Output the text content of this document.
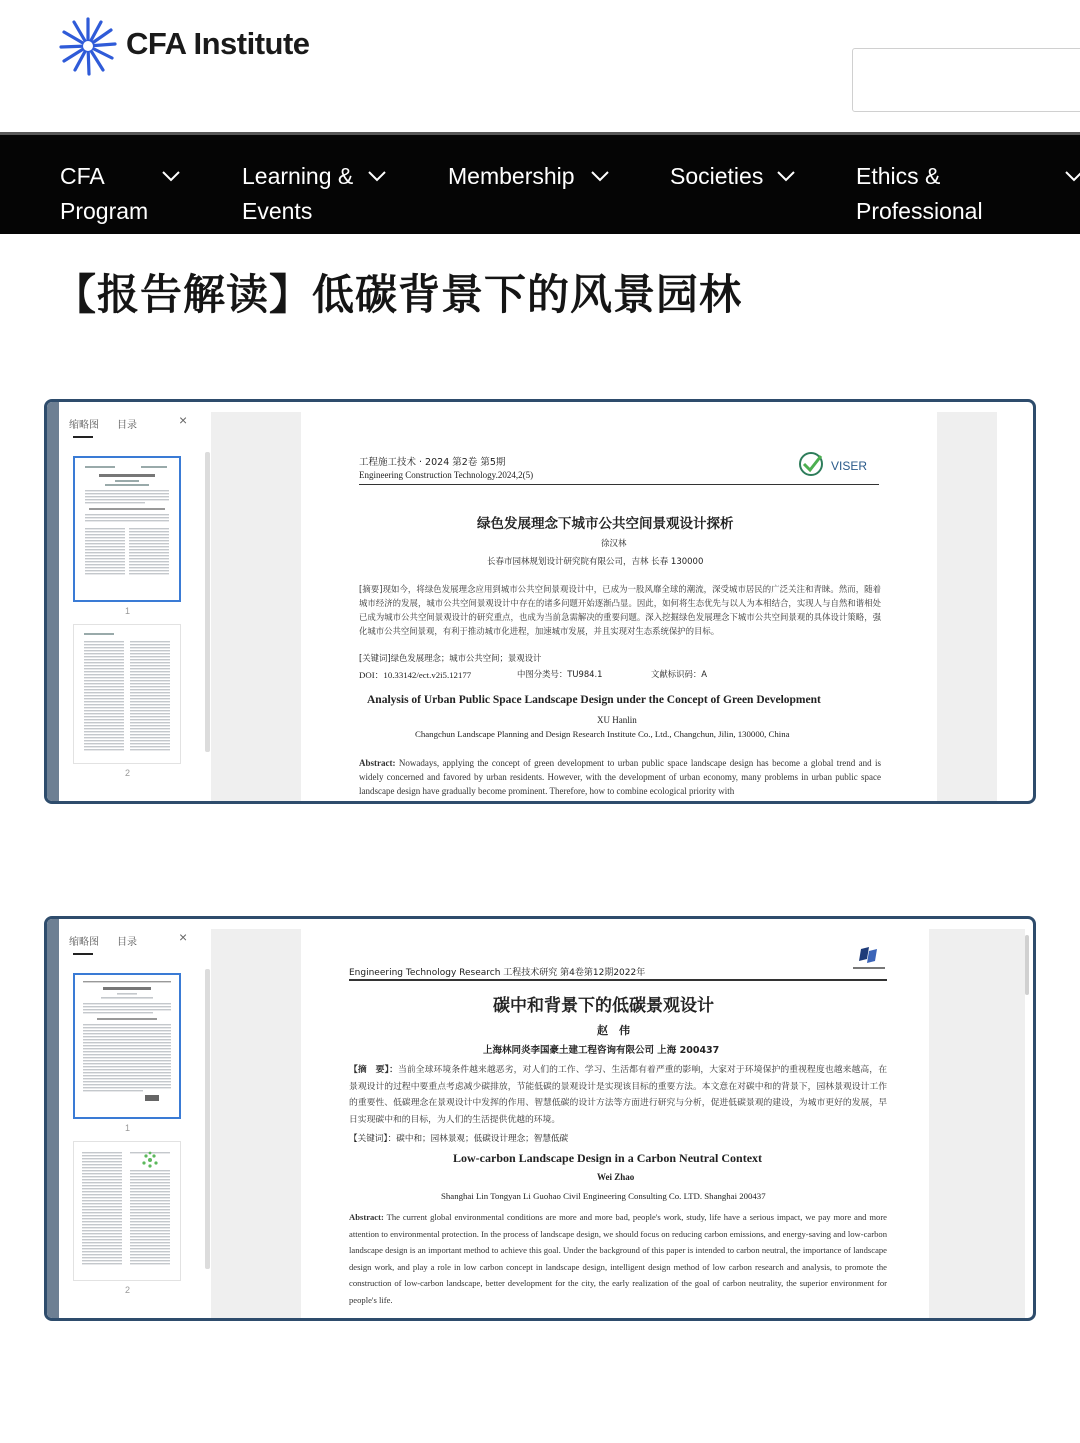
CFA Institute
CFA
Program
Learning &
Events
Membership	Societies	Ethics &
Professional
【报告解读】低碳背景下的风景园林
缩略图 目录	×
1
2
工程施工技术 · 2024 第2卷 第5期
Engineering Construction Technology.2024,2(5)
VISER
绿色发展理念下城市公共空间景观设计探析
徐汉林
长春市园林规划设计研究院有限公司，吉林 长春 130000
[摘要]现如今，将绿色发展理念应用到城市公共空间景观设计中，已成为一股风靡全球的潮流，深受城市居民的广泛关注和青睐。然而，随着城市经济的发展，城市公共空间景观设计中存在的诸多问题开始逐渐凸显。因此，如何将生态优先与以人为本相结合，实现人与自然和谐相处已成为城市公共空间景观设计的研究重点，也成为当前急需解决的重要问题。深入挖掘绿色发展理念下城市公共空间景观的具体设计策略，强化城市公共空间景观，有利于推动城市化进程，加速城市发展，并且实现对生态系统保护的目标。
[关键词]绿色发展理念；城市公共空间；景观设计
DOI：10.33142/ect.v2i5.12177	中图分类号：TU984.1	文献标识码：A
Analysis of Urban Public Space Landscape Design under the Concept of Green Development
XU Hanlin
Changchun Landscape Planning and Design Research Institute Co., Ltd., Changchun, Jilin, 130000, China
Abstract: Nowadays, applying the concept of green development to urban public space landscape design has become a global trend and is widely concerned and favored by urban residents. However, with the development of urban economy, many problems in urban public space landscape design have gradually become prominent. Therefore, how to combine ecological priority with
缩略图 目录	×
1
2
Engineering Technology Research 工程技术研究 第4卷第12期2022年
碳中和背景下的低碳景观设计
赵　伟
上海林同炎李国豪土建工程咨询有限公司 上海 200437
【摘　要】：当前全球环境条件越来越恶劣，对人们的工作、学习、生活都有着严重的影响，大家对于环境保护的重视程度也越来越高，在景观设计的过程中要重点考虑减少碳排放，节能低碳的景观设计是实现该目标的重要方法。本文意在对碳中和的背景下，园林景观设计工作的重要性、低碳理念在景观设计中发挥的作用、智慧低碳的设计方法等方面进行研究与分析，促进低碳景观的建设，为城市更好的发展，早日实现碳中和的目标，为人们的生活提供优越的环境。
【关键词】：碳中和；园林景观；低碳设计理念；智慧低碳
Low-carbon Landscape Design in a Carbon Neutral Context
Wei Zhao
Shanghai Lin Tongyan Li Guohao Civil Engineering Consulting Co. LTD. Shanghai 200437
Abstract: The current global environmental conditions are more and more bad, people's work, study, life have a serious impact, we pay more and more attention to environmental protection. In the process of landscape design, we should focus on reducing carbon emissions, and energy-saving and low-carbon landscape design is an important method to achieve this goal. Under the background of this paper is intended to carbon neutral, the importance of landscape design work, and play a role in low carbon concept in landscape design, intelligent design method of low carbon research and analysis, to promote the construction of low-carbon landscape, better development for the city, the early realization of the goal of carbon neutrality, the superior environment for people's life.
